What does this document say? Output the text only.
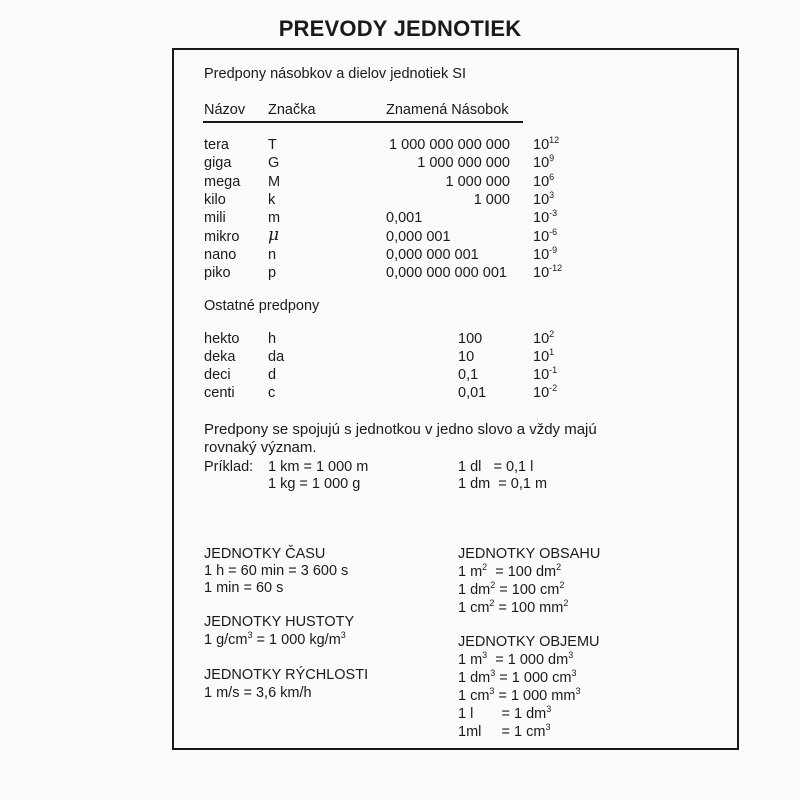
PREVODY JEDNOTIEK
Predpony násobkov a dielov jednotiek SI
Názov Značka	Znamená Násobok
tera	T	1 000 000 000 000 $10^{12}$
giga	G	1 000 000 000 $10^9$
mega M	1 000 000 $10^6$
kilo	k	1 000 $10^3$
mili	m	0,001	$10^{-3}$
mikro μ	0,000 001	$10^{-6}$
nano n	0,000 000 001	$10^{-9}$
piko	p	0,000 000 000 001 $10^{-12}$
Ostatné predpony
hekto h	100	$10^2$
deka da	10	$10^1$
deci	d	0,1	$10^{-1}$
centi c	0,01	$10^{-2}$
Predpony se spojujú s jednotkou v jedno slovo a vždy majú
rovnaký význam.
Príklad: 1 km = 1 000 m
1 kg = 1 000 g
1 dl   = 0,1 l
1 dm  = 0,1 m
JEDNOTKY ČASU
1 h = 60 min = 3 600 s
1 min = 60 s
JEDNOTKY HUSTOTY
1 $g/cm^3 = 1$ 000 $kg/m^3$
JEDNOTKY RÝCHLOSTI
1 m/s = 3,6 km/h
JEDNOTKY OBSAHU
1 $m^2 = 100$ $dm^2$
1 $dm^2 = 100$ $cm^2$
1 $cm^2 = 100$ $mm^2$
JEDNOTKY OBJEMU
1 $m^3 = 1$ 000 $dm^3$
1 $dm^3 = 1$ 000 $cm^3$
1 $cm^3 = 1$ 000 $mm^3$
1 l       = 1 $dm^3$
1ml     = 1 $cm^3$
